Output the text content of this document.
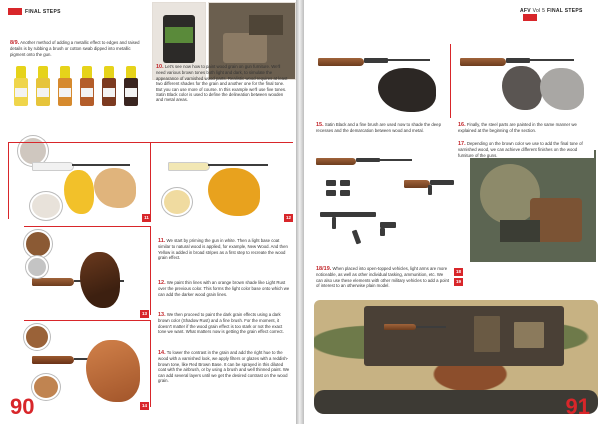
FINAL STEPS
8/9. Another method of adding a metallic effect to edges and raised details is by rubbing a brush or cotton swab dipped into metallic pigment onto the gun.
11	12
13
14
10. Let's see now how to paint wood grain on gun furniture. We'll need various brown tones both light and dark, to simulate the appearance of varnished wood parts. Realistic wood requires at least two different shades for the grain and another one for the final tone. But you can use more of course. In this example we'll use five tones. Satin Black color is used to define the delineation between wooden and metal areas.
11. We start by priming the gun in white. Then a light base coat similar to natural wood is applied, for example, New Wood. And then Yellow is added in broad stripes as a first step to recreate the wood grain effect.
12. We paint thin lines with an orange brown shade like Light Rust over the previous color. This forms the light color base onto which we can add the darker wood grain lines.
13. We then proceed to paint the dark grain effects using a dark brown color (Shadow Rust) and a fine brush. For the moment, it doesn't matter if the wood grain effect is too stark or not the exact tone we want. What matters now is getting the grain effect correct.
14. To lower the contrast in the grain and add the right hue to the wood with a varnished look, we apply filters or glazes with a reddish-brown tone, like Red Brown Base. It can be sprayed in this diluted coat with the airbrush, or by using a brush and well thinned paint. We can add several layers until we get the desired contrast on the wood grain.
90
AFV Vol 5 FINAL STEPS
15. Satin Black and a fine brush are used now to shade the deep recesses and the demarcation between wood and metal.
16. Finally, the steel parts are painted in the same manner we explained at the beginning of the section.
18/19. When placed into open-topped vehicles, light arms are more noticeable, as well as other individual tasking, ammunition, etc. We can also use these elements with other military vehicles to add a point of interest to an otherwise plain model.
18
19
91
17. Depending on the brown color we use to add the final tone of varnished wood, we can achieve different finishes on the wood furniture of the guns.
